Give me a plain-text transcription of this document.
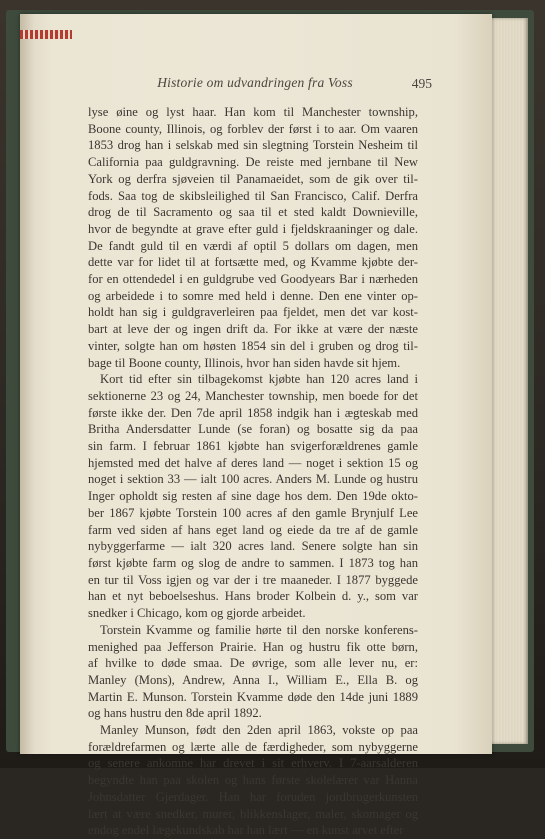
Historie om udvandringen fra Voss	495

lyse øine og lyst haar. Han kom til Manchester township,
Boone county, Illinois, og forblev der først i to aar. Om vaaren
1853 drog han i selskab med sin slegtning Torstein Nesheim til
California paa guldgravning. De reiste med jernbane til New
York og derfra sjøveien til Panamaeidet, som de gik over til-
fods. Saa tog de skibsleilighed til San Francisco, Calif. Derfra
drog de til Sacramento og saa til et sted kaldt Downieville,
hvor de begyndte at grave efter guld i fjeldskraaninger og dale.
De fandt guld til en værdi af optil 5 dollars om dagen, men
dette var for lidet til at fortsætte med, og Kvamme kjøbte der-
for en ottendedel i en guldgrube ved Goodyears Bar i nærheden
og arbeidede i to somre med held i denne. Den ene vinter op-
holdt han sig i guldgraverleiren paa fjeldet, men det var kost-
bart at leve der og ingen drift da. For ikke at være der næste
vinter, solgte han om høsten 1854 sin del i gruben og drog til-
bage til Boone county, Illinois, hvor han siden havde sit hjem.

Kort tid efter sin tilbagekomst kjøbte han 120 acres land i
sektionerne 23 og 24, Manchester township, men boede for det
første ikke der. Den 7de april 1858 indgik han i ægteskab med
Britha Andersdatter Lunde (se foran) og bosatte sig da paa
sin farm. I februar 1861 kjøbte han svigerforældrenes gamle
hjemsted med det halve af deres land — noget i sektion 15 og
noget i sektion 33 — ialt 100 acres. Anders M. Lunde og hustru
Inger opholdt sig resten af sine dage hos dem. Den 19de okto-
ber 1867 kjøbte Torstein 100 acres af den gamle Brynjulf Lee
farm ved siden af hans eget land og eiede da tre af de gamle
nybyggerfarme — ialt 320 acres land. Senere solgte han sin
først kjøbte farm og slog de andre to sammen. I 1873 tog han
en tur til Voss igjen og var der i tre maaneder. I 1877 byggede
han et nyt beboelseshus. Hans broder Kolbein d. y., som var
snedker i Chicago, kom og gjorde arbeidet.

Torstein Kvamme og familie hørte til den norske konferens-
menighed paa Jefferson Prairie. Han og hustru fik otte børn,
af hvilke to døde smaa. De øvrige, som alle lever nu, er:
Manley (Mons), Andrew, Anna I., William E., Ella B. og
Martin E. Munson. Torstein Kvamme døde den 14de juni 1889
og hans hustru den 8de april 1892.

Manley Munson, født den 2den april 1863, vokste op paa
forældrefarmen og lærte alle de færdigheder, som nybyggerne
og senere ankomne har drevet i sit erhverv. I 7-aarsalderen
begyndte han paa skolen og hans første skolelærer var Hanna
Johnsdatter Gjerdager. Han har foruden jordbrugerkunsten
lært at være snedker, murer, blikkenslager, maler, skomager og
endog endel lægekundskab har han lært — en kunst arvet efter
